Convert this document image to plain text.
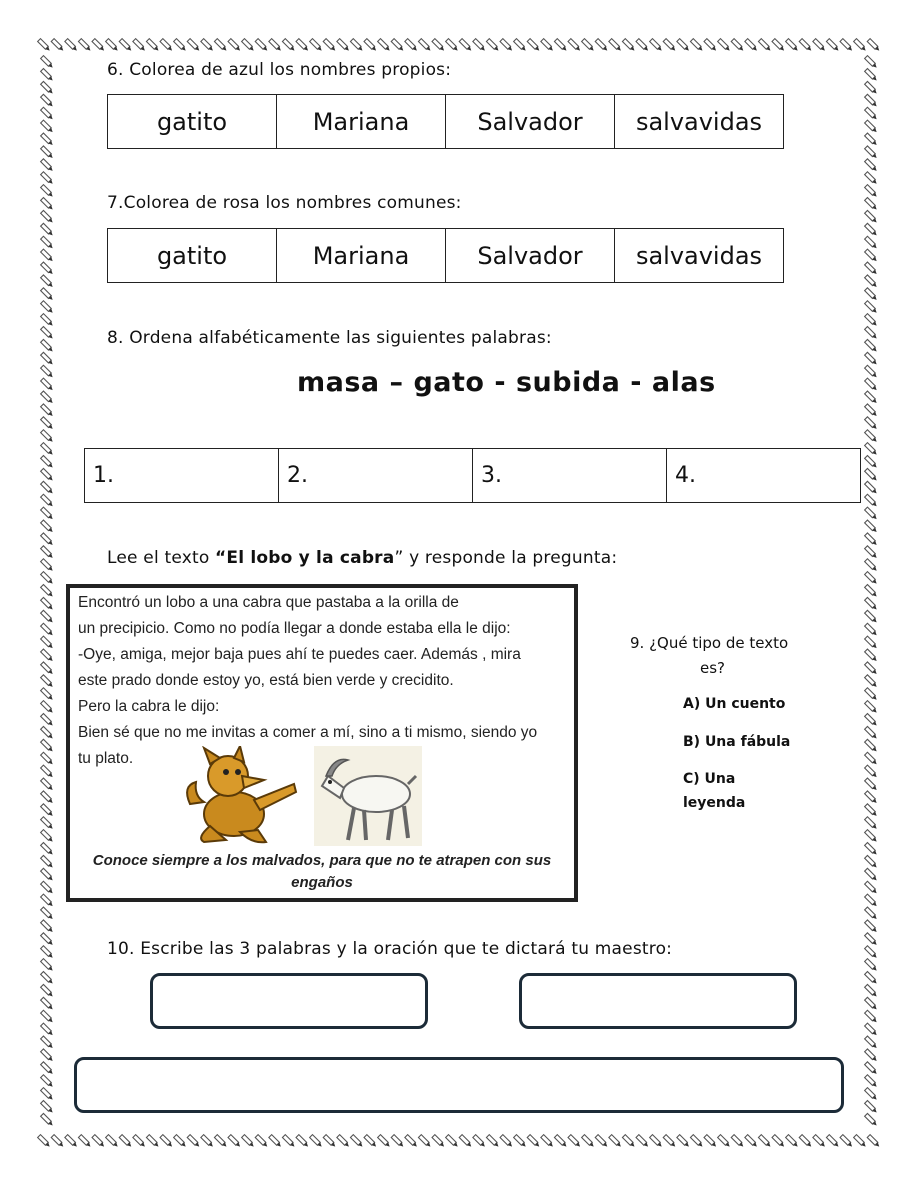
6. Colorea de azul los nombres propios:
gatito	Mariana	Salvador	salvavidas
7.Colorea de rosa los nombres comunes:
gatito	Mariana	Salvador	salvavidas
8. Ordena alfabéticamente las siguientes palabras:
masa – gato - subida - alas
1.	2.	3.	4.
Lee el texto “El lobo y la cabra” y responde la pregunta:

Encontró un lobo a una cabra que pastaba a la orilla de

un precipicio. Como no podía llegar a donde estaba ella le dijo:

-Oye, amiga, mejor baja pues ahí te puedes caer. Además , mira

este prado donde estoy yo, está bien verde y crecidito.

Pero la cabra le dijo:

Bien sé que no me invitas a comer a mí, sino a ti mismo, siendo yo

tu plato.

Conoce siempre a los malvados, para que no te atrapen con sus engaños
9. ¿Qué tipo de texto
es?
A) Un cuento
B) Una fábula
C) Una
leyenda
10. Escribe las 3 palabras y la oración que te dictará tu maestro:
